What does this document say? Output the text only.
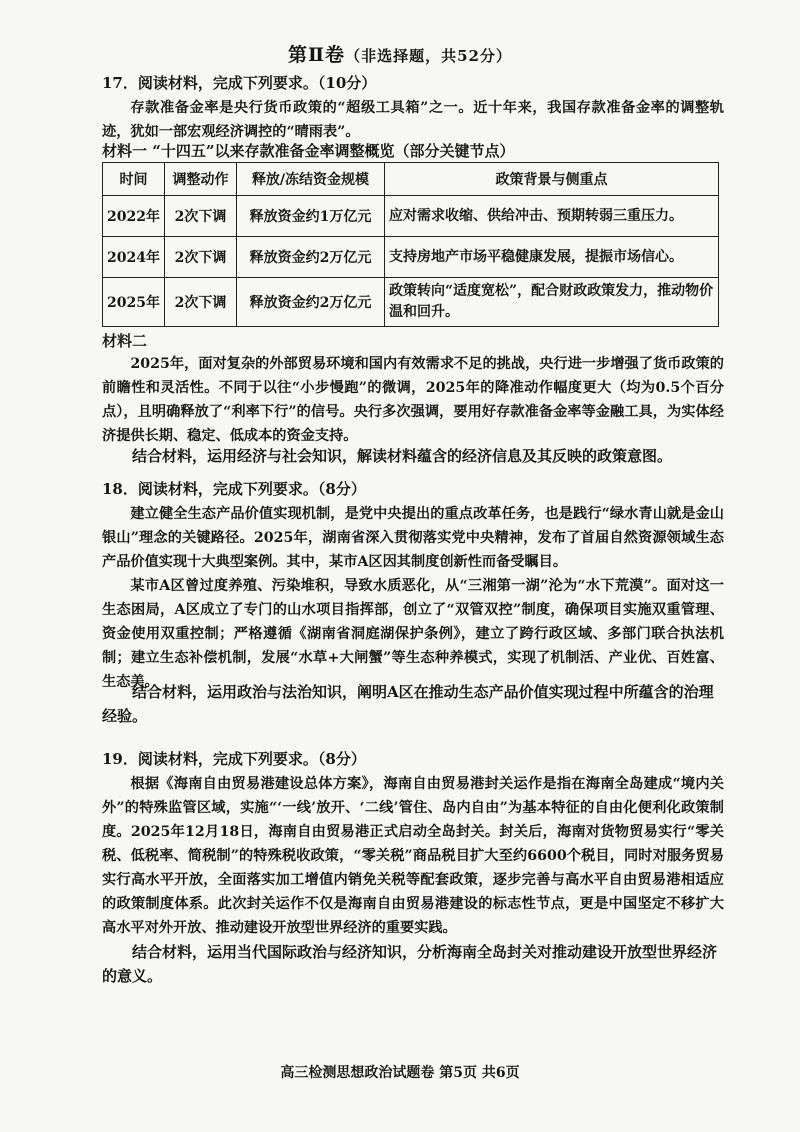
第Ⅱ卷（非选择题，共52分）
17．阅读材料，完成下列要求。（10分）
存款准备金率是央行货币政策的“超级工具箱”之一。近十年来，我国存款准备金率的调整轨迹，犹如一部宏观经济调控的“晴雨表”。
材料一 “十四五”以来存款准备金率调整概览（部分关键节点）
时间	调整动作	释放/冻结资金规模	政策背景与侧重点
2022年	2次下调	释放资金约1万亿元	应对需求收缩、供给冲击、预期转弱三重压力。
2024年	2次下调	释放资金约2万亿元	支持房地产市场平稳健康发展，提振市场信心。
2025年	2次下调	释放资金约2万亿元	政策转向“适度宽松”，配合财政政策发力，推动物价温和回升。
材料二
2025年，面对复杂的外部贸易环境和国内有效需求不足的挑战，央行进一步增强了货币政策的前瞻性和灵活性。不同于以往“小步慢跑”的微调，2025年的降准动作幅度更大（均为0.5个百分点），且明确释放了“利率下行”的信号。央行多次强调，要用好存款准备金率等金融工具，为实体经济提供长期、稳定、低成本的资金支持。
结合材料，运用经济与社会知识，解读材料蕴含的经济信息及其反映的政策意图。
18．阅读材料，完成下列要求。（8分）
建立健全生态产品价值实现机制，是党中央提出的重点改革任务，也是践行“绿水青山就是金山银山”理念的关键路径。2025年，湖南省深入贯彻落实党中央精神，发布了首届自然资源领域生态产品价值实现十大典型案例。其中，某市A区因其制度创新性而备受瞩目。
某市A区曾过度养殖、污染堆积，导致水质恶化，从“三湘第一湖”沦为“水下荒漠”。面对这一生态困局，A区成立了专门的山水项目指挥部，创立了“双管双控”制度，确保项目实施双重管理、资金使用双重控制；严格遵循《湖南省洞庭湖保护条例》，建立了跨行政区域、多部门联合执法机制；建立生态补偿机制，发展“水草+大闸蟹”等生态种养模式，实现了机制活、产业优、百姓富、生态美。
结合材料，运用政治与法治知识，阐明A区在推动生态产品价值实现过程中所蕴含的治理经验。
19．阅读材料，完成下列要求。（8分）
根据《海南自由贸易港建设总体方案》，海南自由贸易港封关运作是指在海南全岛建成“境内关外”的特殊监管区域，实施“‘一线’放开、‘二线’管住、岛内自由”为基本特征的自由化便利化政策制度。2025年12月18日，海南自由贸易港正式启动全岛封关。封关后，海南对货物贸易实行“零关税、低税率、简税制”的特殊税收政策，“零关税”商品税目扩大至约6600个税目，同时对服务贸易实行高水平开放，全面落实加工增值内销免关税等配套政策，逐步完善与高水平自由贸易港相适应的政策制度体系。此次封关运作不仅是海南自由贸易港建设的标志性节点，更是中国坚定不移扩大高水平对外开放、推动建设开放型世界经济的重要实践。
结合材料，运用当代国际政治与经济知识，分析海南全岛封关对推动建设开放型世界经济的意义。
高三检测思想政治试题卷 第5页 共6页
